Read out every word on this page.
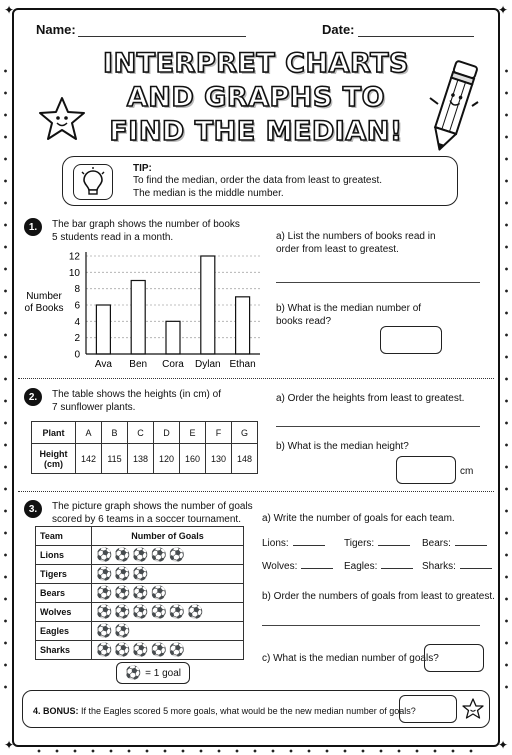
✦	✦
✦	✦
Name:	Date:
INTERPRET CHARTS
AND GRAPHS TO
FIND THE MEDIAN!
TIP:
To find the median, order the data from least to greatest.
The median is the middle number.
1.	The bar graph shows the number of books
5 students read in a month.
0
2
4
6
8
10
12
Ava Ben Cora Dylan Ethan
Number
of Books
a) List the numbers of books read in
order from least to greatest.
b) What is the median number of
books read?
2.	The table shows the heights (in cm) of
7 sunflower plants.
Plant	A	B	C	D	E	F	G
Height
(cm)	142	115	138	120	160	130	148
a) Order the heights from least to greatest.
b) What is the median height?
cm
3.	The picture graph shows the number of goals
scored by 6 teams in a soccer tournament.
Team	Number of Goals
Lions	⚽⚽⚽⚽⚽
Tigers	⚽⚽⚽
Bears	⚽⚽⚽⚽
Wolves	⚽⚽⚽⚽⚽⚽
Eagles	⚽⚽
Sharks	⚽⚽⚽⚽⚽
⚽ = 1 goal
a) Write the number of goals for each team.
Lions:	Tigers:	Bears:
Wolves:	Eagles:	Sharks:
b) Order the numbers of goals from least to greatest.
c) What is the median number of goals?
4. BONUS: If the Eagles scored 5 more goals, what would be the new median number of goals?
